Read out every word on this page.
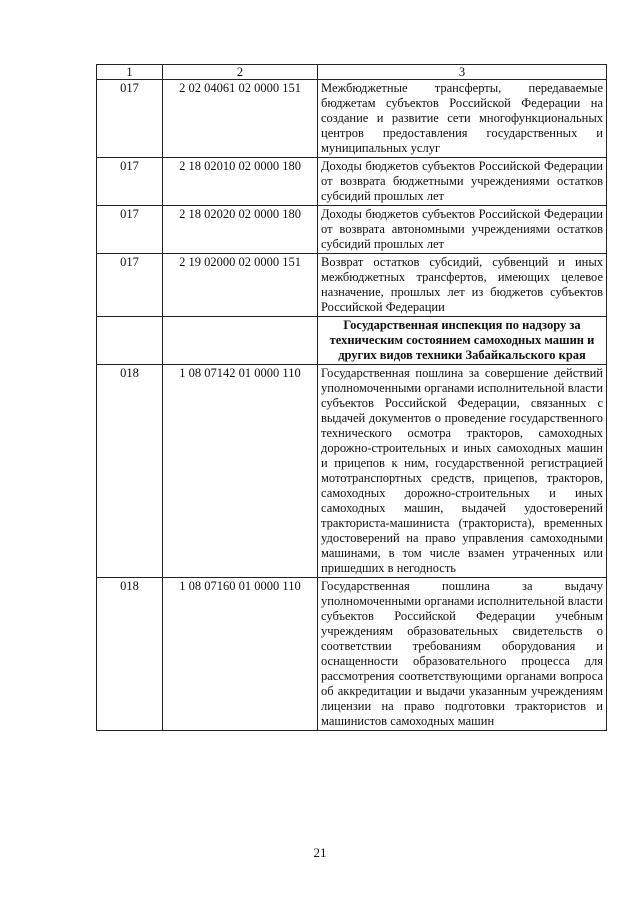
1	2	3
017	2 02 04061 02 0000 151	Межбюджетные трансферты, передаваемые бюджетам субъектов Российской Федерации на создание и развитие сети многофункциональных центров предоставления государственных и муниципальных услуг
017	2 18 02010 02 0000 180	Доходы бюджетов субъектов Российской Федерации от возврата бюджетными учреждениями остатков субсидий прошлых лет
017	2 18 02020 02 0000 180	Доходы бюджетов субъектов Российской Федерации от возврата автономными учреждениями остатков субсидий прошлых лет
017	2 19 02000 02 0000 151	Возврат остатков субсидий, субвенций и иных межбюджетных трансфертов, имеющих целевое назначение, прошлых лет из бюджетов субъектов Российской Федерации
		Государственная инспекция по надзору за техническим состоянием самоходных машин и других видов техники Забайкальского края
018	1 08 07142 01 0000 110	Государственная пошлина за совершение действий уполномоченными органами исполнительной власти субъектов Российской Федерации, связанных с выдачей документов о проведение государственного технического осмотра тракторов, самоходных дорожно-строительных и иных самоходных машин и прицепов к ним, государственной регистрацией мототранспортных средств, прицепов, тракторов, самоходных дорожно-строительных и иных самоходных машин, выдачей удостоверений тракториста-машиниста (тракториста), временных удостоверений на право управления самоходными машинами, в том числе взамен утраченных или пришедших в негодность
018	1 08 07160 01 0000 110	Государственная пошлина за выдачу уполномоченными органами исполнительной власти субъектов Российской Федерации учебным учреждениям образовательных свидетельств о соответствии требованиям оборудования и оснащенности образовательного процесса для рассмотрения соответствующими органами вопроса об аккредитации и выдачи указанным учреждениям лицензии на право подготовки трактористов и машинистов самоходных машин
21
